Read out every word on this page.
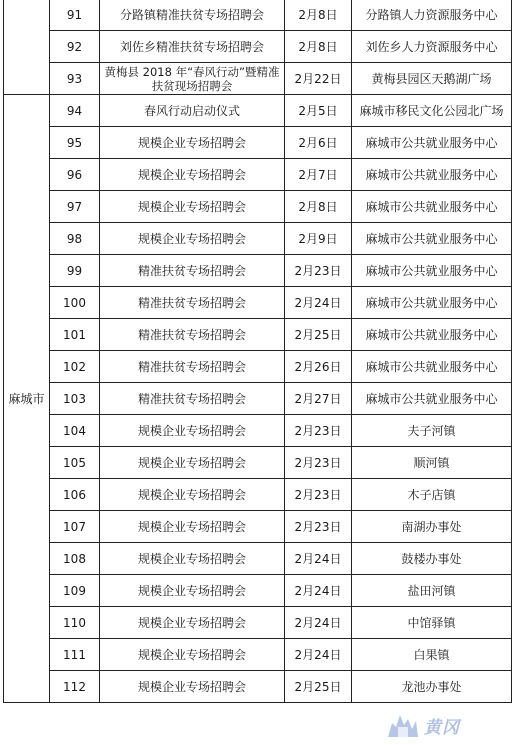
	91	分路镇精准扶贫专场招聘会	2月8日	分路镇人力资源服务中心
	92	刘佐乡精准扶贫专场招聘会	2月8日	刘佐乡人力资源服务中心
	93	黄梅县 2018 年“春风行动”暨精准扶贫现场招聘会	2月22日	黄梅县园区天鹅湖广场
麻城市	94	春风行动启动仪式	2月5日	麻城市移民文化公园北广场
	95	规模企业专场招聘会	2月6日	麻城市公共就业服务中心
	96	规模企业专场招聘会	2月7日	麻城市公共就业服务中心
	97	规模企业专场招聘会	2月8日	麻城市公共就业服务中心
	98	规模企业专场招聘会	2月9日	麻城市公共就业服务中心
	99	精准扶贫专场招聘会	2月23日	麻城市公共就业服务中心
	100	精准扶贫专场招聘会	2月24日	麻城市公共就业服务中心
	101	精准扶贫专场招聘会	2月25日	麻城市公共就业服务中心
	102	精准扶贫专场招聘会	2月26日	麻城市公共就业服务中心
	103	精准扶贫专场招聘会	2月27日	麻城市公共就业服务中心
	104	规模企业专场招聘会	2月23日	夫子河镇
	105	规模企业专场招聘会	2月23日	顺河镇
	106	规模企业专场招聘会	2月23日	木子店镇
	107	规模企业专场招聘会	2月23日	南湖办事处
	108	规模企业专场招聘会	2月24日	鼓楼办事处
	109	规模企业专场招聘会	2月24日	盐田河镇
	110	规模企业专场招聘会	2月24日	中馆驿镇
	111	规模企业专场招聘会	2月24日	白果镇
	112	规模企业专场招聘会	2月25日	龙池办事处
黄冈
